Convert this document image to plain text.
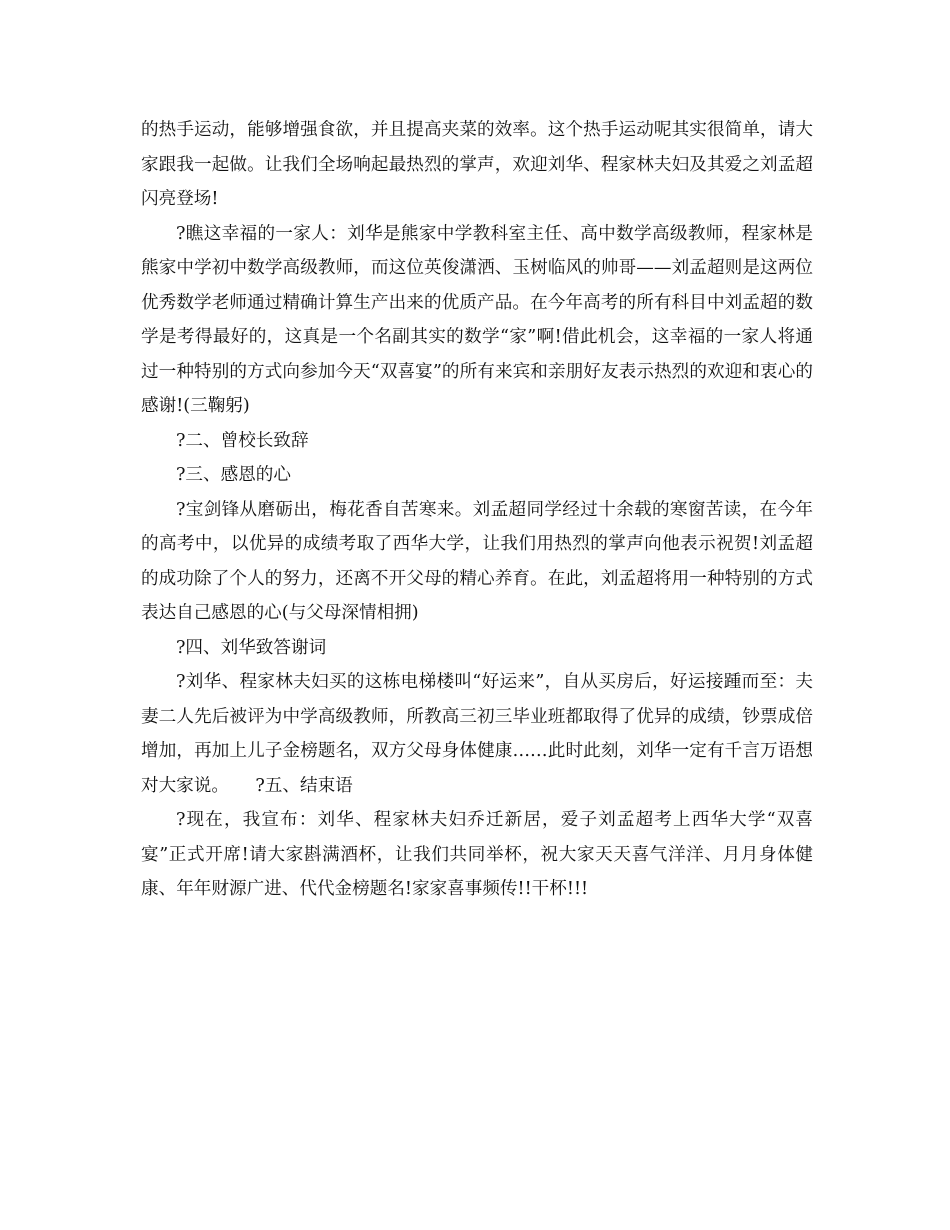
的热手运动，能够增强食欲，并且提高夹菜的效率。这个热手运动呢其实很简单，请大家跟我一起做。让我们全场响起最热烈的掌声，欢迎刘华、程家林夫妇及其爱之刘孟超闪亮登场!

?瞧这幸福的一家人：刘华是熊家中学教科室主任、高中数学高级教师，程家林是熊家中学初中数学高级教师，而这位英俊潇洒、玉树临风的帅哥——刘孟超则是这两位优秀数学老师通过精确计算生产出来的优质产品。在今年高考的所有科目中刘孟超的数学是考得最好的，这真是一个名副其实的数学“家”啊!借此机会，这幸福的一家人将通过一种特别的方式向参加今天“双喜宴”的所有来宾和亲朋好友表示热烈的欢迎和衷心的感谢!(三鞠躬)

?二、曾校长致辞

?三、感恩的心

?宝剑锋从磨砺出，梅花香自苦寒来。刘孟超同学经过十余载的寒窗苦读，在今年的高考中，以优异的成绩考取了西华大学，让我们用热烈的掌声向他表示祝贺!刘孟超的成功除了个人的努力，还离不开父母的精心养育。在此，刘孟超将用一种特别的方式表达自己感恩的心(与父母深情相拥)

?四、刘华致答谢词

?刘华、程家林夫妇买的这栋电梯楼叫“好运来”，自从买房后，好运接踵而至：夫妻二人先后被评为中学高级教师，所教高三初三毕业班都取得了优异的成绩，钞票成倍增加，再加上儿子金榜题名，双方父母身体健康……此时此刻，刘华一定有千言万语想对大家说。　　?五、结束语

?现在，我宣布：刘华、程家林夫妇乔迁新居，爱子刘孟超考上西华大学“双喜宴”正式开席!请大家斟满酒杯，让我们共同举杯，祝大家天天喜气洋洋、月月身体健康、年年财源广进、代代金榜题名!家家喜事频传!!干杯!!!
